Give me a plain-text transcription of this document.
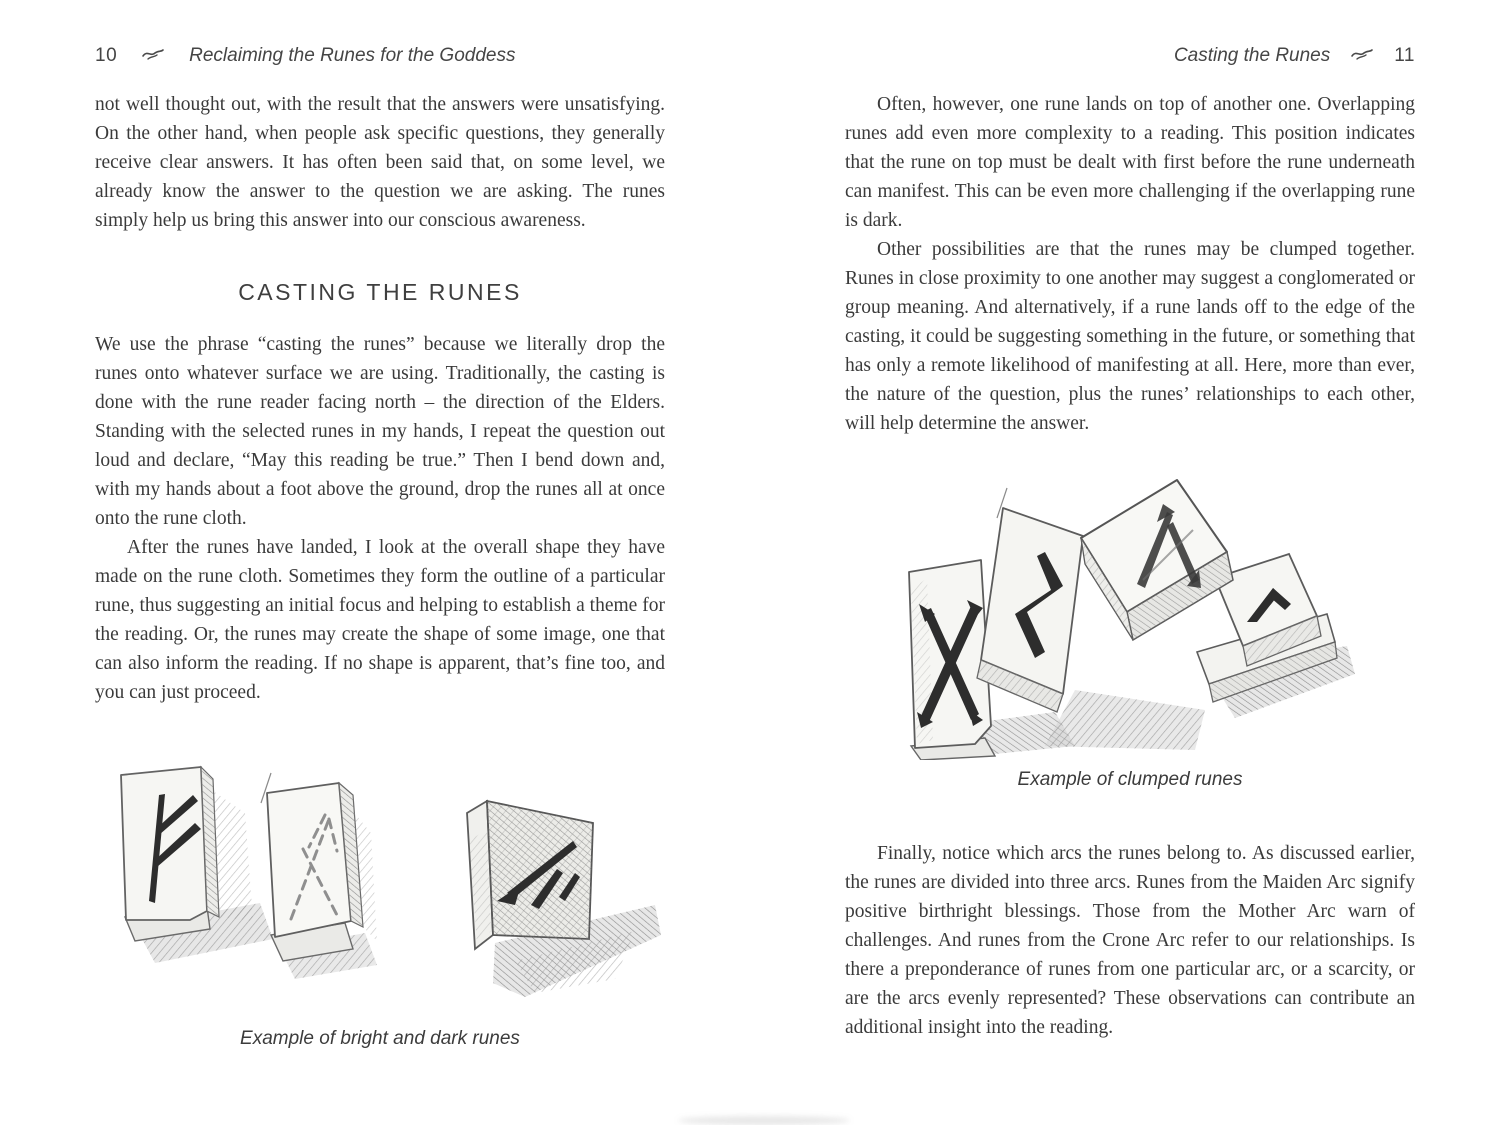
10	Reclaiming the Runes for the Goddess

not well thought out, with the result that the answers were unsatisfying. On the other hand, when people ask specific questions, they generally receive clear answers. It has often been said that, on some level, we already know the answer to the question we are asking. The runes simply help us bring this answer into our conscious awareness.

CASTING THE RUNES

We use the phrase “casting the runes” because we literally drop the runes onto whatever surface we are using. Traditionally, the casting is done with the rune reader facing north – the direction of the Elders. Standing with the selected runes in my hands, I repeat the question out loud and declare, “May this reading be true.” Then I bend down and, with my hands about a foot above the ground, drop the runes all at once onto the rune cloth.

After the runes have landed, I look at the overall shape they have made on the rune cloth. Sometimes they form the outline of a particular rune, thus suggesting an initial focus and helping to establish a theme for the reading. Or, the runes may create the shape of some image, one that can also inform the reading. If no shape is apparent, that’s fine too, and you can just proceed.

Example of bright and dark runes
Casting the Runes	11

Often, however, one rune lands on top of another one. Overlapping runes add even more complexity to a reading. This position indicates that the rune on top must be dealt with first before the rune underneath can manifest. This can be even more challenging if the overlapping rune is dark.

Other possibilities are that the runes may be clumped together. Runes in close proximity to one another may suggest a conglomerated or group meaning. And alternatively, if a rune lands off to the edge of the casting, it could be suggesting something in the future, or something that has only a remote likelihood of manifesting at all. Here, more than ever, the nature of the question, plus the runes’ relationships to each other, will help determine the answer.

Example of clumped runes

Finally, notice which arcs the runes belong to. As discussed earlier, the runes are divided into three arcs. Runes from the Maiden Arc signify positive birthright blessings. Those from the Mother Arc warn of challenges. And runes from the Crone Arc refer to our relationships. Is there a preponderance of runes from one particular arc, or a scarcity, or are the arcs evenly represented? These observations can contribute an additional insight into the reading.
